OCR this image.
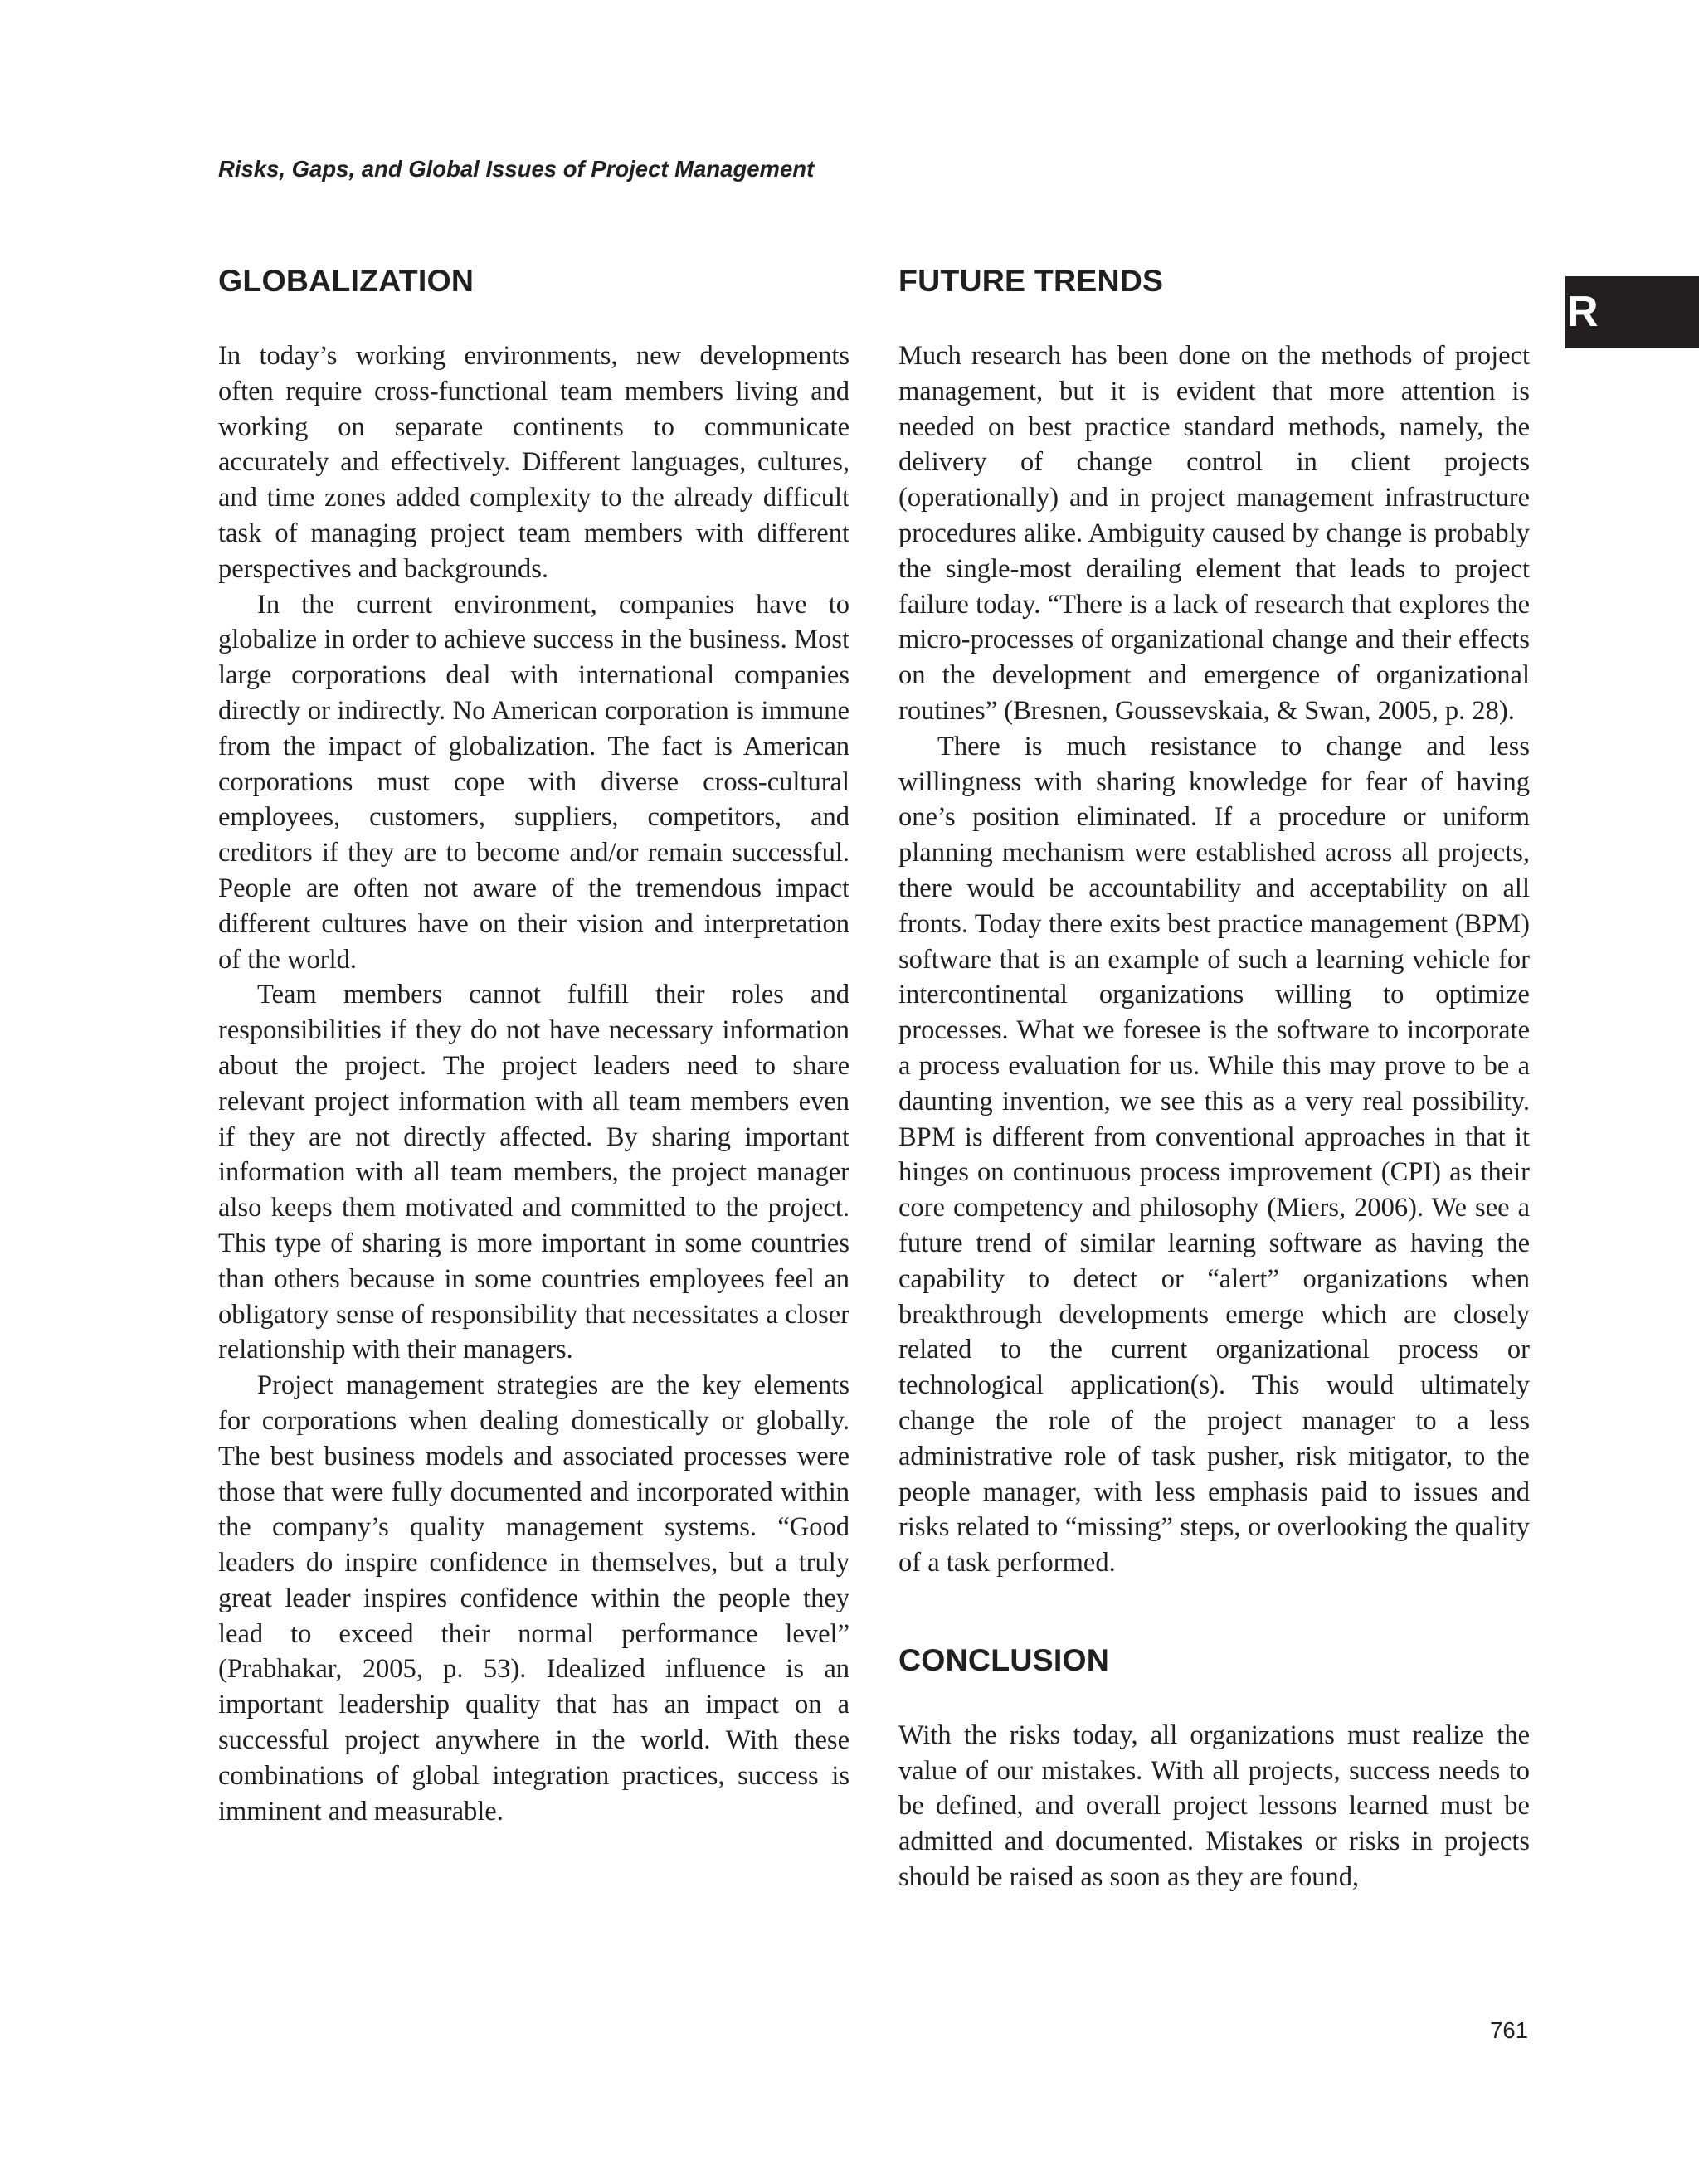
Risks, Gaps, and Global Issues of Project Management
R
GLOBALIZATION

In today’s working environments, new developments often require cross-functional team members living and working on separate continents to communicate accurately and effectively. Different languages, cultures, and time zones added complexity to the already difficult task of managing project team members with different perspectives and backgrounds.

In the current environment, companies have to globalize in order to achieve success in the business. Most large corporations deal with international companies directly or indirectly. No American corporation is immune from the impact of globalization. The fact is American corporations must cope with diverse cross-cultural employees, customers, suppliers, competitors, and creditors if they are to become and/or remain successful. People are often not aware of the tremendous impact different cultures have on their vision and interpretation of the world.

Team members cannot fulfill their roles and responsibilities if they do not have necessary information about the project. The project leaders need to share relevant project information with all team members even if they are not directly affected. By sharing important information with all team members, the project manager also keeps them motivated and committed to the project. This type of sharing is more important in some countries than others because in some countries employees feel an obligatory sense of responsibility that necessitates a closer relationship with their managers.

Project management strategies are the key elements for corporations when dealing domestically or globally. The best business models and associated processes were those that were fully documented and incorporated within the company’s quality management systems. “Good leaders do inspire confidence in themselves, but a truly great leader inspires confidence within the people they lead to exceed their normal performance level” (Prabhakar, 2005, p. 53). Idealized influence is an important leadership quality that has an impact on a successful project anywhere in the world. With these combinations of global integration practices, success is imminent and measurable.

FUTURE TRENDS

Much research has been done on the methods of project management, but it is evident that more attention is needed on best practice standard methods, namely, the delivery of change control in client projects (operationally) and in project management infrastructure procedures alike. Ambiguity caused by change is probably the single-most derailing element that leads to project failure today. “There is a lack of research that explores the micro-processes of organizational change and their effects on the development and emergence of organizational routines” (Bresnen, Goussevskaia, & Swan, 2005, p. 28).

There is much resistance to change and less willingness with sharing knowledge for fear of having one’s position eliminated. If a procedure or uniform planning mechanism were established across all projects, there would be accountability and acceptability on all fronts. Today there exits best practice management (BPM) software that is an example of such a learning vehicle for intercontinental organizations willing to optimize processes. What we foresee is the software to incorporate a process evaluation for us. While this may prove to be a daunting invention, we see this as a very real possibility. BPM is different from conventional approaches in that it hinges on continuous process improvement (CPI) as their core competency and philosophy (Miers, 2006). We see a future trend of similar learning software as having the capability to detect or “alert” organizations when breakthrough developments emerge which are closely related to the current organizational process or technological application(s). This would ultimately change the role of the project manager to a less administrative role of task pusher, risk mitigator, to the people manager, with less emphasis paid to issues and risks related to “missing” steps, or overlooking the quality of a task performed.

CONCLUSION

With the risks today, all organizations must realize the value of our mistakes. With all projects, success needs to be defined, and overall project lessons learned must be admitted and documented. Mistakes or risks in projects should be raised as soon as they are found,

761
